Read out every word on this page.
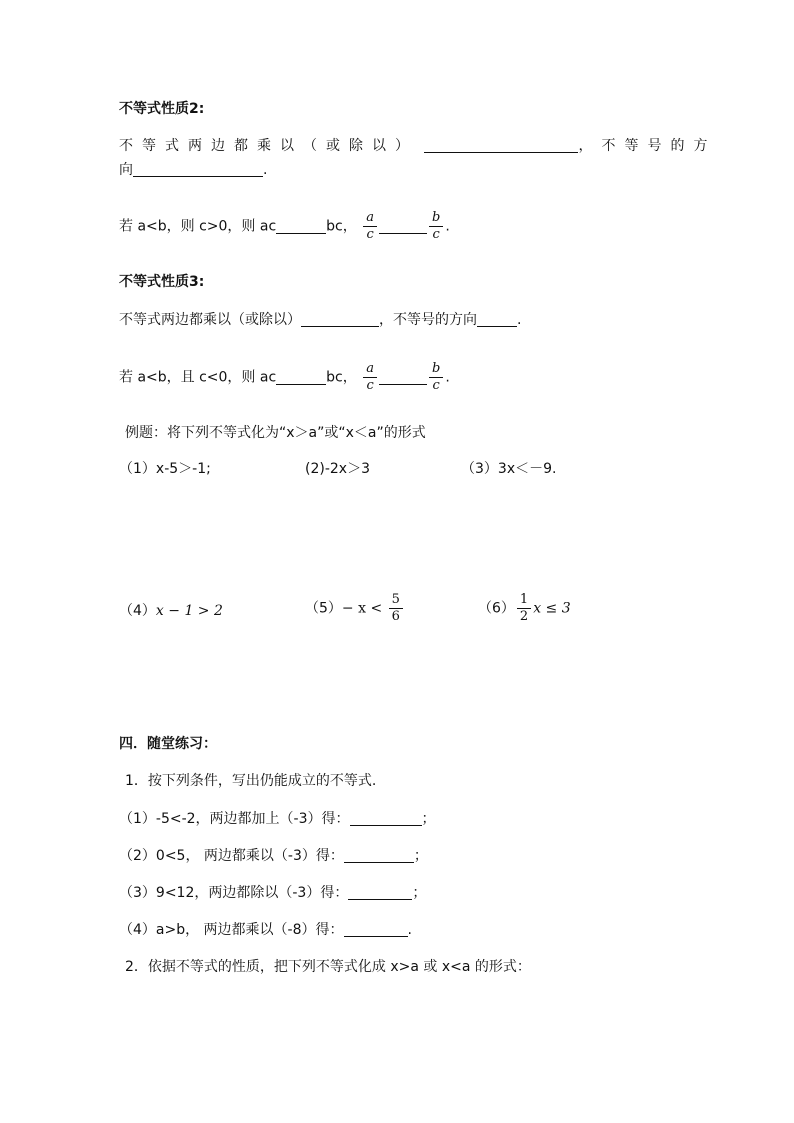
不等式性质2:
不等式两边都乘以（或除以）	，不等号的方
向	.
若 a<b，则 c>0，则 ac	bc， $\frac{a}{c}$	$\frac{b}{c}$ .
不等式性质3:
不等式两边都乘以（或除以）	，不等号的方向	.
若 a<b，且 c<0，则 ac	bc， $\frac{a}{c}$	$\frac{b}{c}$ .
例题：将下列不等式化为“x＞a”或“x＜a”的形式
（1）x-5＞-1;	(2)-2x＞3	（3）3x＜－9.
（4）x − 1 > 2	$(5)- x < \frac{5}{6}$	$(6) \frac{1}{2}$ x ≤ 3
四．随堂练习：
1．按下列条件，写出仍能成立的不等式.
（1）-5<-2，两边都加上（-3）得：	；
（2）0<5， 两边都乘以（-3）得：	；
（3）9<12，两边都除以（-3）得：	；
（4）a>b， 两边都乘以（-8）得：	.
2．依据不等式的性质，把下列不等式化成 x>a 或 x<a 的形式：
